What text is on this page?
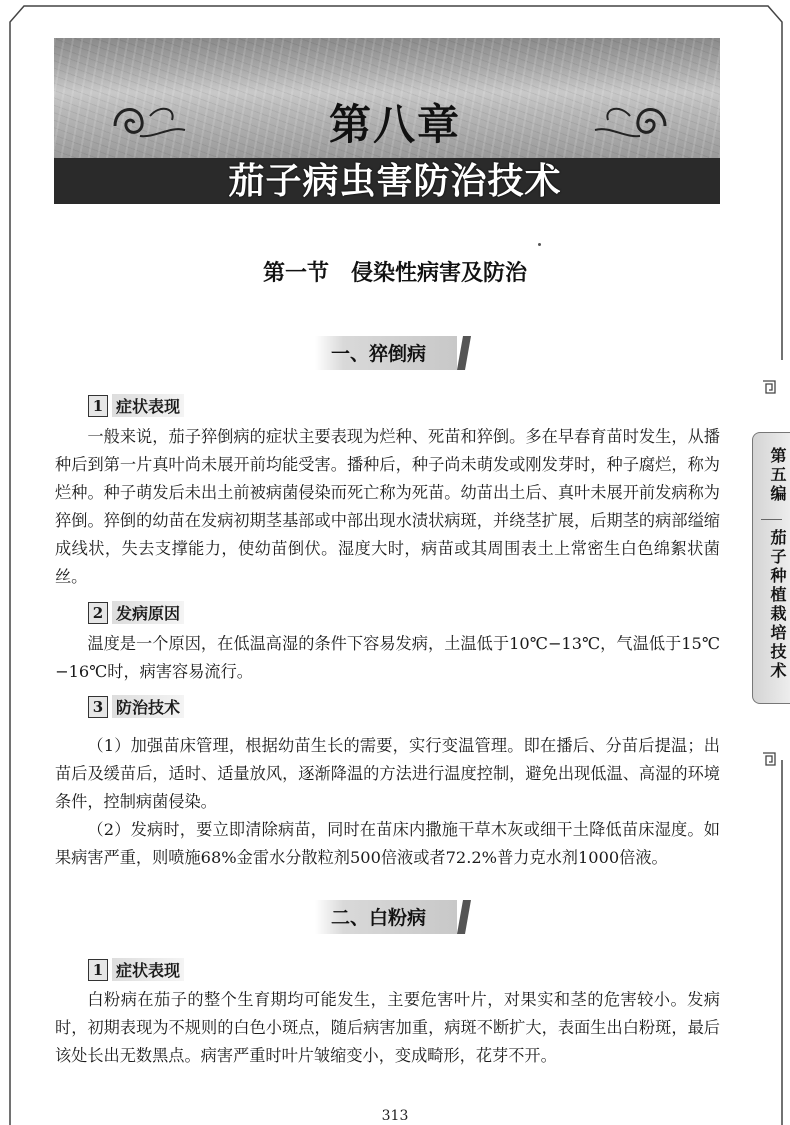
第八章
茄子病虫害防治技术
第一节　侵染性病害及防治
一、猝倒病
1 症状表现
一般来说，茄子猝倒病的症状主要表现为烂种、死苗和猝倒。多在早春育苗时发生，从播种后到第一片真叶尚未展开前均能受害。播种后，种子尚未萌发或刚发芽时，种子腐烂，称为烂种。种子萌发后未出土前被病菌侵染而死亡称为死苗。幼苗出土后、真叶未展开前发病称为猝倒。猝倒的幼苗在发病初期茎基部或中部出现水渍状病斑，并绕茎扩展，后期茎的病部缢缩成线状，失去支撑能力，使幼苗倒伏。湿度大时，病苗或其周围表土上常密生白色绵絮状菌丝。
2 发病原因
温度是一个原因，在低温高湿的条件下容易发病，土温低于10℃−13℃，气温低于15℃−16℃时，病害容易流行。
3 防治技术
（1）加强苗床管理，根据幼苗生长的需要，实行变温管理。即在播后、分苗后提温；出苗后及缓苗后，适时、适量放风，逐渐降温的方法进行温度控制，避免出现低温、高湿的环境条件，控制病菌侵染。
（2）发病时，要立即清除病苗，同时在苗床内撒施干草木灰或细干土降低苗床湿度。如果病害严重，则喷施68%金雷水分散粒剂500倍液或者72.2%普力克水剂1000倍液。
二、白粉病
1 症状表现
白粉病在茄子的整个生育期均可能发生，主要危害叶片，对果实和茎的危害较小。发病时，初期表现为不规则的白色小斑点，随后病害加重，病斑不断扩大，表面生出白粉斑，最后该处长出无数黑点。病害严重时叶片皱缩变小，变成畸形，花芽不开。
第五编
茄子种植栽培技术
313
